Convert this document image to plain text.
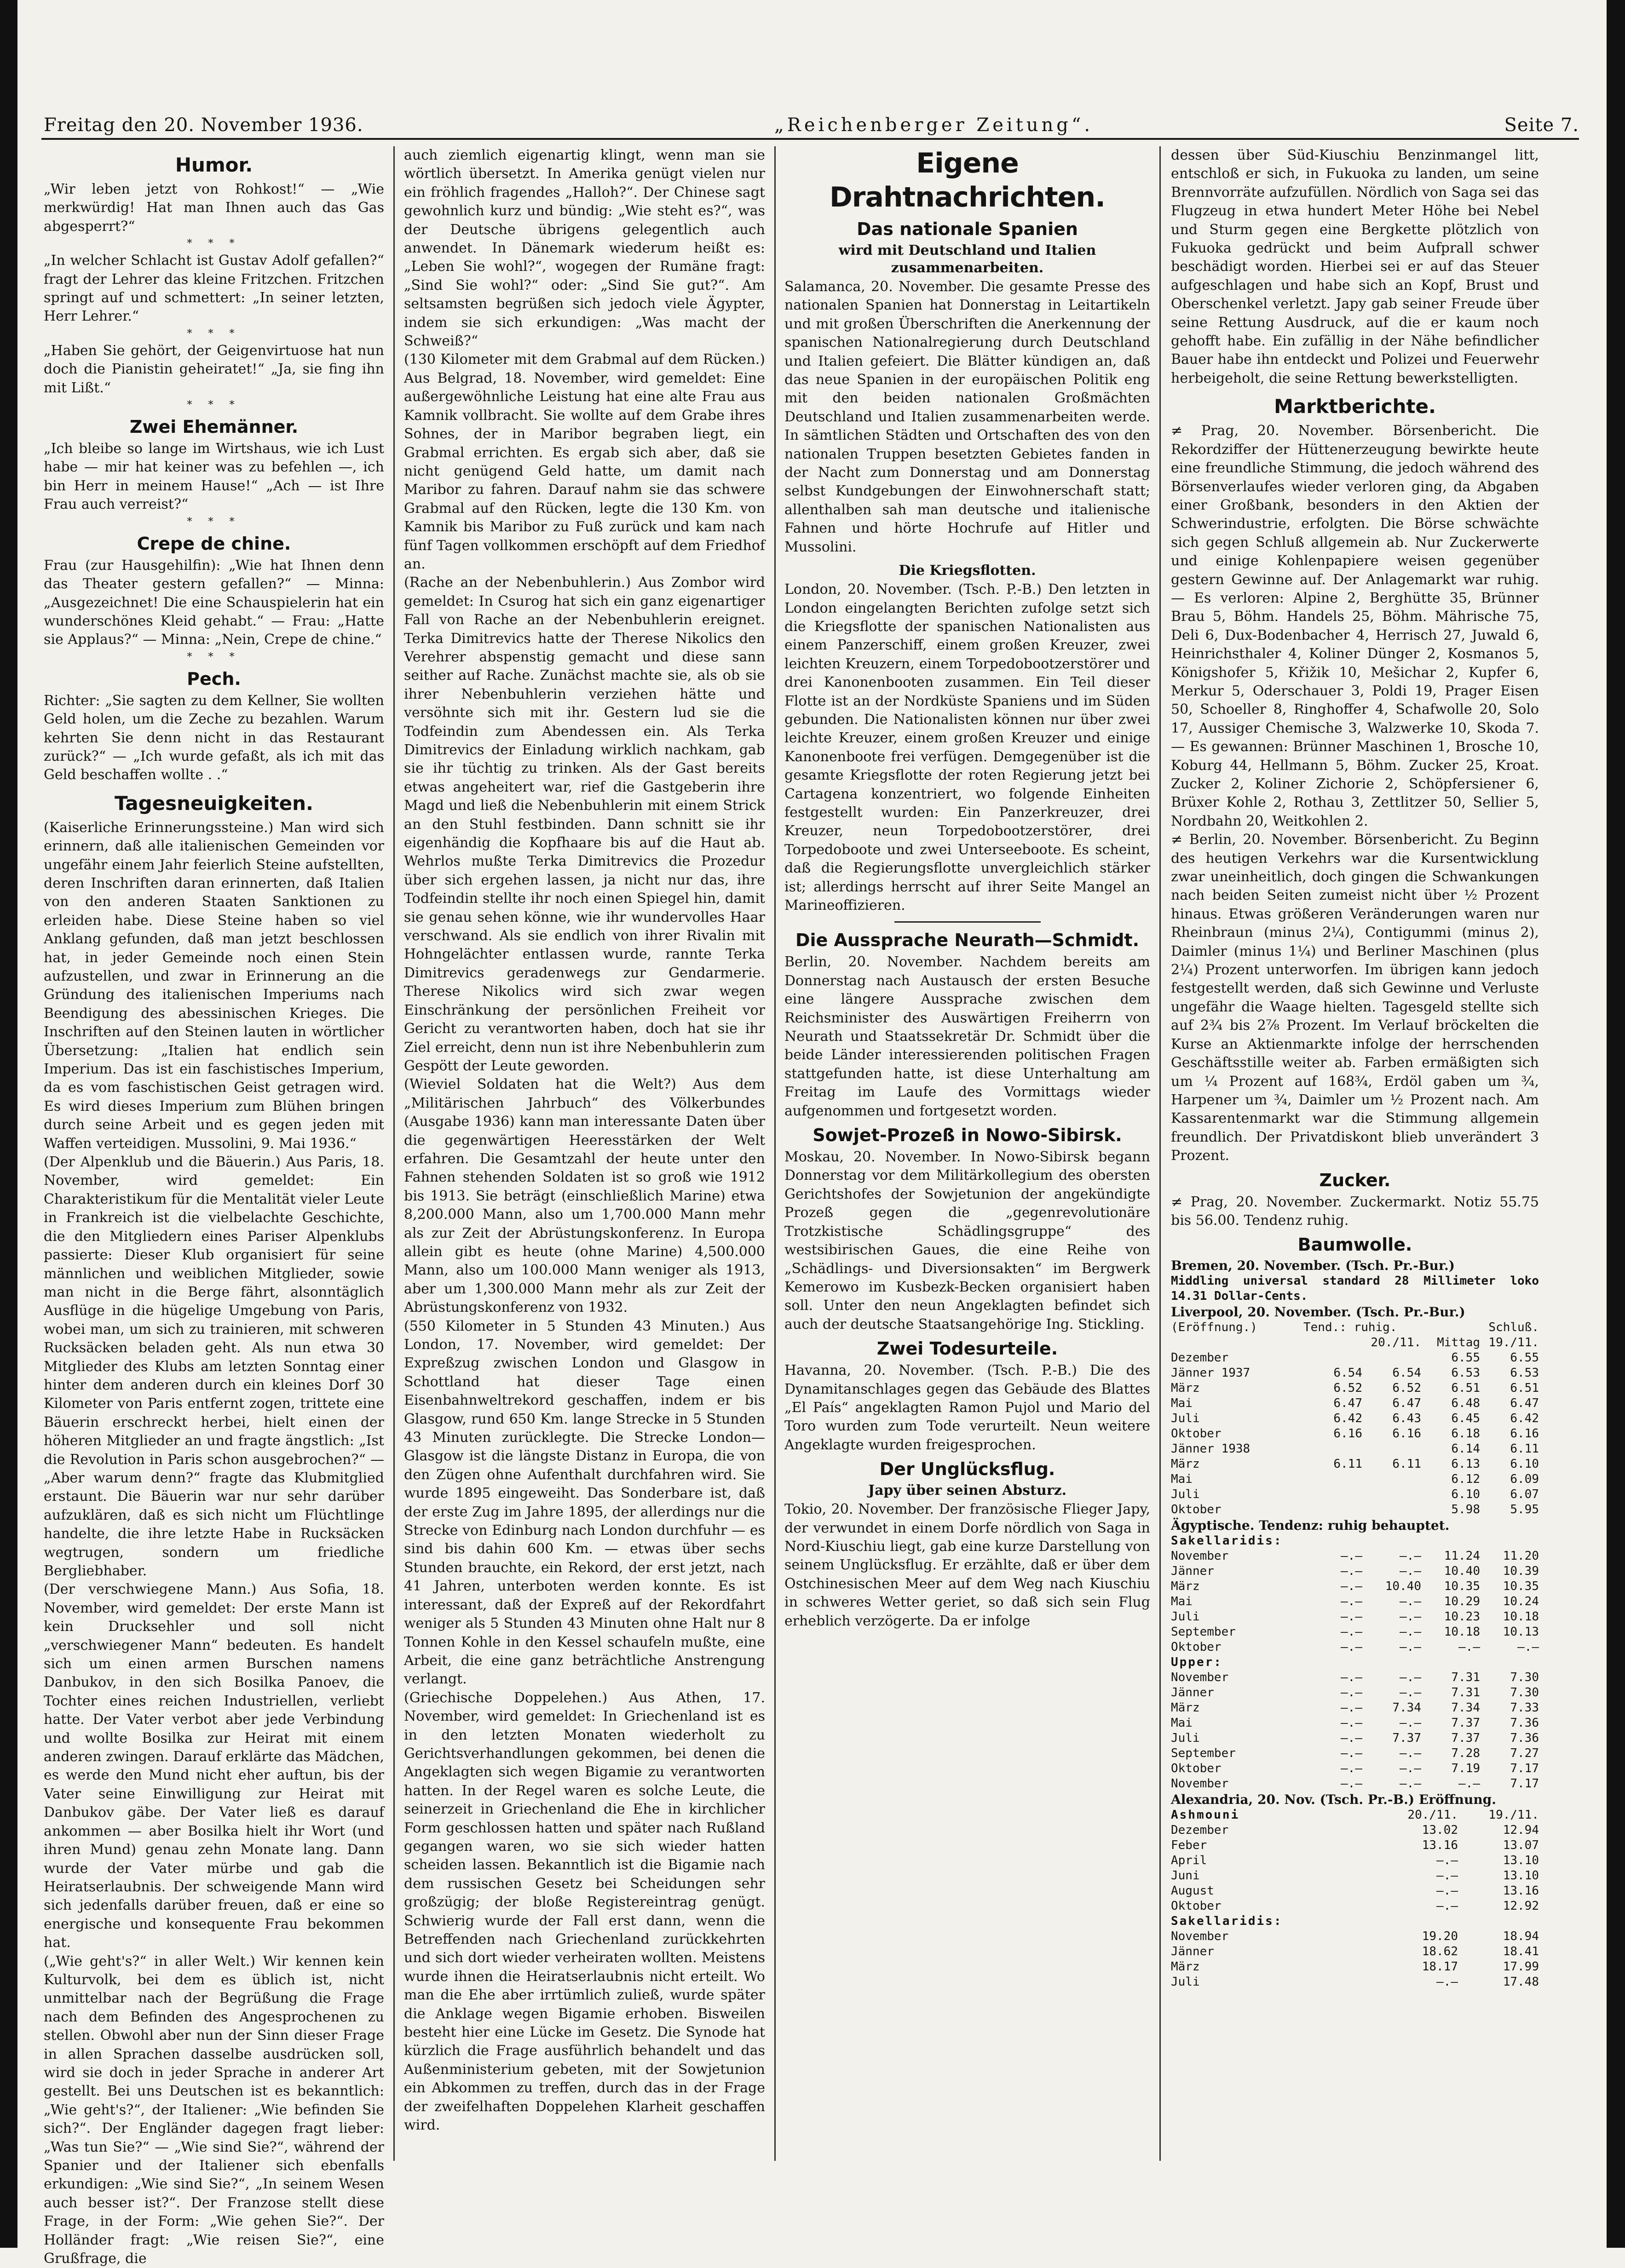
Freitag den 20. November 1936.	„Reichenberger Zeitung“.	Seite 7.
Humor.

„Wir leben jetzt von Rohkost!“ — „Wie merkwürdig! Hat man Ihnen auch das Gas abgesperrt?“

* * *

„In welcher Schlacht ist Gustav Adolf gefallen?“ fragt der Lehrer das kleine Fritzchen. Fritzchen springt auf und schmettert: „In seiner letzten, Herr Lehrer.“

* * *

„Haben Sie gehört, der Geigenvirtuose hat nun doch die Pianistin geheiratet!“ „Ja, sie fing ihn mit Lißt.“

* * *
Zwei Ehemänner.

„Ich bleibe so lange im Wirtshaus, wie ich Lust habe — mir hat keiner was zu befehlen —, ich bin Herr in meinem Hause!“ „Ach — ist Ihre Frau auch verreist?“

* * *
Crepe de chine.

Frau (zur Hausgehilfin): „Wie hat Ihnen denn das Theater gestern gefallen?“ — Minna: „Ausgezeichnet! Die eine Schauspielerin hat ein wunderschönes Kleid gehabt.“ — Frau: „Hatte sie Applaus?“ — Minna: „Nein, Crepe de chine.“

* * *
Pech.

Richter: „Sie sagten zu dem Kellner, Sie wollten Geld holen, um die Zeche zu bezahlen. Warum kehrten Sie denn nicht in das Restaurant zurück?“ — „Ich wurde gefaßt, als ich mit das Geld beschaffen wollte . .“

Tagesneuigkeiten.

(Kaiserliche Erinnerungssteine.) Man wird sich erinnern, daß alle italienischen Gemeinden vor ungefähr einem Jahr feierlich Steine aufstellten, deren Inschriften daran erinnerten, daß Italien von den anderen Staaten Sanktionen zu erleiden habe. Diese Steine haben so viel Anklang gefunden, daß man jetzt beschlossen hat, in jeder Gemeinde noch einen Stein aufzustellen, und zwar in Erinnerung an die Gründung des italienischen Imperiums nach Beendigung des abessinischen Krieges. Die Inschriften auf den Steinen lauten in wörtlicher Übersetzung: „Italien hat endlich sein Imperium. Das ist ein faschistisches Imperium, da es vom faschistischen Geist getragen wird. Es wird dieses Imperium zum Blühen bringen durch seine Arbeit und es gegen jeden mit Waffen verteidigen. Mussolini, 9. Mai 1936.“

(Der Alpenklub und die Bäuerin.) Aus Paris, 18. November, wird gemeldet: Ein Charakteristikum für die Mentalität vieler Leute in Frankreich ist die vielbelachte Geschichte, die den Mitgliedern eines Pariser Alpenklubs passierte: Dieser Klub organisiert für seine männlichen und weiblichen Mitglieder, sowie man nicht in die Berge fährt, alsonntäglich Ausflüge in die hügelige Umgebung von Paris, wobei man, um sich zu trainieren, mit schweren Rucksäcken beladen geht. Als nun etwa 30 Mitglieder des Klubs am letzten Sonntag einer hinter dem anderen durch ein kleines Dorf 30 Kilometer von Paris entfernt zogen, trittete eine Bäuerin erschreckt herbei, hielt einen der höheren Mitglieder an und fragte ängstlich: „Ist die Revolution in Paris schon ausgebrochen?“ — „Aber warum denn?“ fragte das Klubmitglied erstaunt. Die Bäuerin war nur sehr darüber aufzuklären, daß es sich nicht um Flüchtlinge handelte, die ihre letzte Habe in Rucksäcken wegtrugen, sondern um friedliche Bergliebhaber.

(Der verschwiegene Mann.) Aus Sofia, 18. November, wird gemeldet: Der erste Mann ist kein Drucksehler und soll nicht „verschwiegener Mann“ bedeuten. Es handelt sich um einen armen Burschen namens Danbukov, in den sich Bosilka Panoev, die Tochter eines reichen Industriellen, verliebt hatte. Der Vater verbot aber jede Verbindung und wollte Bosilka zur Heirat mit einem anderen zwingen. Darauf erklärte das Mädchen, es werde den Mund nicht eher auftun, bis der Vater seine Einwilligung zur Heirat mit Danbukov gäbe. Der Vater ließ es darauf ankommen — aber Bosilka hielt ihr Wort (und ihren Mund) genau zehn Monate lang. Dann wurde der Vater mürbe und gab die Heiratserlaubnis. Der schweigende Mann wird sich jedenfalls darüber freuen, daß er eine so energische und konsequente Frau bekommen hat.

(„Wie geht's?“ in aller Welt.) Wir kennen kein Kulturvolk, bei dem es üblich ist, nicht unmittelbar nach der Begrüßung die Frage nach dem Befinden des Angesprochenen zu stellen. Obwohl aber nun der Sinn dieser Frage in allen Sprachen dasselbe ausdrücken soll, wird sie doch in jeder Sprache in anderer Art gestellt. Bei uns Deutschen ist es bekanntlich: „Wie geht's?“, der Italiener: „Wie befinden Sie sich?“. Der Engländer dagegen fragt lieber: „Was tun Sie?“ — „Wie sind Sie?“, während der Spanier und der Italiener sich ebenfalls erkundigen: „Wie sind Sie?“, „In seinem Wesen auch besser ist?“. Der Franzose stellt diese Frage, in der Form: „Wie gehen Sie?“. Der Holländer fragt: „Wie reisen Sie?“, eine Grußfrage, die

auch ziemlich eigenartig klingt, wenn man sie wörtlich übersetzt. In Amerika genügt vielen nur ein fröhlich fragendes „Halloh?“. Der Chinese sagt gewohnlich kurz und bündig: „Wie steht es?“, was der Deutsche übrigens gelegentlich auch anwendet. In Dänemark wiederum heißt es: „Leben Sie wohl?“, wogegen der Rumäne fragt: „Sind Sie wohl?“ oder: „Sind Sie gut?“. Am seltsamsten begrüßen sich jedoch viele Ägypter, indem sie sich erkundigen: „Was macht der Schweiß?“

(130 Kilometer mit dem Grabmal auf dem Rücken.) Aus Belgrad, 18. November, wird gemeldet: Eine außergewöhnliche Leistung hat eine alte Frau aus Kamnik vollbracht. Sie wollte auf dem Grabe ihres Sohnes, der in Maribor begraben liegt, ein Grabmal errichten. Es ergab sich aber, daß sie nicht genügend Geld hatte, um damit nach Maribor zu fahren. Darauf nahm sie das schwere Grabmal auf den Rücken, legte die 130 Km. von Kamnik bis Maribor zu Fuß zurück und kam nach fünf Tagen vollkommen erschöpft auf dem Friedhof an.

(Rache an der Nebenbuhlerin.) Aus Zombor wird gemeldet: In Csurog hat sich ein ganz eigenartiger Fall von Rache an der Nebenbuhlerin ereignet. Terka Dimitrevics hatte der Therese Nikolics den Verehrer abspenstig gemacht und diese sann seither auf Rache. Zunächst machte sie, als ob sie ihrer Nebenbuhlerin verziehen hätte und versöhnte sich mit ihr. Gestern lud sie die Todfeindin zum Abendessen ein. Als Terka Dimitrevics der Einladung wirklich nachkam, gab sie ihr tüchtig zu trinken. Als der Gast bereits etwas angeheitert war, rief die Gastgeberin ihre Magd und ließ die Nebenbuhlerin mit einem Strick an den Stuhl festbinden. Dann schnitt sie ihr eigenhändig die Kopfhaare bis auf die Haut ab. Wehrlos mußte Terka Dimitrevics die Prozedur über sich ergehen lassen, ja nicht nur das, ihre Todfeindin stellte ihr noch einen Spiegel hin, damit sie genau sehen könne, wie ihr wundervolles Haar verschwand. Als sie endlich von ihrer Rivalin mit Hohngelächter entlassen wurde, rannte Terka Dimitrevics geradenwegs zur Gendarmerie. Therese Nikolics wird sich zwar wegen Einschränkung der persönlichen Freiheit vor Gericht zu verantworten haben, doch hat sie ihr Ziel erreicht, denn nun ist ihre Nebenbuhlerin zum Gespött der Leute geworden.

(Wieviel Soldaten hat die Welt?) Aus dem „Militärischen Jahrbuch“ des Völkerbundes (Ausgabe 1936) kann man interessante Daten über die gegenwärtigen Heeresstärken der Welt erfahren. Die Gesamtzahl der heute unter den Fahnen stehenden Soldaten ist so groß wie 1912 bis 1913. Sie beträgt (einschließlich Marine) etwa 8,200.000 Mann, also um 1,700.000 Mann mehr als zur Zeit der Abrüstungskonferenz. In Europa allein gibt es heute (ohne Marine) 4,500.000 Mann, also um 100.000 Mann weniger als 1913, aber um 1,300.000 Mann mehr als zur Zeit der Abrüstungskonferenz von 1932.

(550 Kilometer in 5 Stunden 43 Minuten.) Aus London, 17. November, wird gemeldet: Der Expreßzug zwischen London und Glasgow in Schottland hat dieser Tage einen Eisenbahnweltrekord geschaffen, indem er bis Glasgow, rund 650 Km. lange Strecke in 5 Stunden 43 Minuten zurücklegte. Die Strecke London—Glasgow ist die längste Distanz in Europa, die von den Zügen ohne Aufenthalt durchfahren wird. Sie wurde 1895 eingeweiht. Das Sonderbare ist, daß der erste Zug im Jahre 1895, der allerdings nur die Strecke von Edinburg nach London durchfuhr — es sind bis dahin 600 Km. — etwas über sechs Stunden brauchte, ein Rekord, der erst jetzt, nach 41 Jahren, unterboten werden konnte. Es ist interessant, daß der Expreß auf der Rekordfahrt weniger als 5 Stunden 43 Minuten ohne Halt nur 8 Tonnen Kohle in den Kessel schaufeln mußte, eine Arbeit, die eine ganz beträchtliche Anstrengung verlangt.

(Griechische Doppelehen.) Aus Athen, 17. November, wird gemeldet: In Griechenland ist es in den letzten Monaten wiederholt zu Gerichtsverhandlungen gekommen, bei denen die Angeklagten sich wegen Bigamie zu verantworten hatten. In der Regel waren es solche Leute, die seinerzeit in Griechenland die Ehe in kirchlicher Form geschlossen hatten und später nach Rußland gegangen waren, wo sie sich wieder hatten scheiden lassen. Bekanntlich ist die Bigamie nach dem russischen Gesetz bei Scheidungen sehr großzügig; der bloße Registereintrag genügt. Schwierig wurde der Fall erst dann, wenn die Betreffenden nach Griechenland zurückkehrten und sich dort wieder verheiraten wollten. Meistens wurde ihnen die Heiratserlaubnis nicht erteilt. Wo man die Ehe aber irrtümlich zuließ, wurde später die Anklage wegen Bigamie erhoben. Bisweilen besteht hier eine Lücke im Gesetz. Die Synode hat kürzlich die Frage ausführlich behandelt und das Außenministerium gebeten, mit der Sowjetunion ein Abkommen zu treffen, durch das in der Frage der zweifelhaften Doppelehen Klarheit geschaffen wird.

Eigene Drahtnachrichten.
Das nationale Spanien
wird mit Deutschland und Italien zusammenarbeiten.

Salamanca, 20. November. Die gesamte Presse des nationalen Spanien hat Donnerstag in Leitartikeln und mit großen Überschriften die Anerkennung der spanischen Nationalregierung durch Deutschland und Italien gefeiert. Die Blätter kündigen an, daß das neue Spanien in der europäischen Politik eng mit den beiden nationalen Großmächten Deutschland und Italien zusammenarbeiten werde. In sämtlichen Städten und Ortschaften des von den nationalen Truppen besetzten Gebietes fanden in der Nacht zum Donnerstag und am Donnerstag selbst Kundgebungen der Einwohnerschaft statt; allenthalben sah man deutsche und italienische Fahnen und hörte Hochrufe auf Hitler und Mussolini.

Die Kriegsflotten.

London, 20. November. (Tsch. P.-B.) Den letzten in London eingelangten Berichten zufolge setzt sich die Kriegsflotte der spanischen Nationalisten aus einem Panzerschiff, einem großen Kreuzer, zwei leichten Kreuzern, einem Torpedobootzerstörer und drei Kanonenbooten zusammen. Ein Teil dieser Flotte ist an der Nordküste Spaniens und im Süden gebunden. Die Nationalisten können nur über zwei leichte Kreuzer, einem großen Kreuzer und einige Kanonenboote frei verfügen. Demgegenüber ist die gesamte Kriegsflotte der roten Regierung jetzt bei Cartagena konzentriert, wo folgende Einheiten festgestellt wurden: Ein Panzerkreuzer, drei Kreuzer, neun Torpedobootzerstörer, drei Torpedoboote und zwei Unterseeboote. Es scheint, daß die Regierungsflotte unvergleichlich stärker ist; allerdings herrscht auf ihrer Seite Mangel an Marineoffizieren.

Die Aussprache Neurath—Schmidt.

Berlin, 20. November. Nachdem bereits am Donnerstag nach Austausch der ersten Besuche eine längere Aussprache zwischen dem Reichsminister des Auswärtigen Freiherrn von Neurath und Staatssekretär Dr. Schmidt über die beide Länder interessierenden politischen Fragen stattgefunden hatte, ist diese Unterhaltung am Freitag im Laufe des Vormittags wieder aufgenommen und fortgesetzt worden.

Sowjet-Prozeß in Nowo-Sibirsk.

Moskau, 20. November. In Nowo-Sibirsk begann Donnerstag vor dem Militärkollegium des obersten Gerichtshofes der Sowjetunion der angekündigte Prozeß gegen die „gegenrevolutionäre Trotzkistische Schädlingsgruppe“ des westsibirischen Gaues, die eine Reihe von „Schädlings- und Diversionsakten“ im Bergwerk Kemerowo im Kusbezk-Becken organisiert haben soll. Unter den neun Angeklagten befindet sich auch der deutsche Staatsangehörige Ing. Stickling.

Zwei Todesurteile.

Havanna, 20. November. (Tsch. P.-B.) Die des Dynamitanschlages gegen das Gebäude des Blattes „El País“ angeklagten Ramon Pujol und Mario del Toro wurden zum Tode verurteilt. Neun weitere Angeklagte wurden freigesprochen.

Der Unglücksflug.
Japy über seinen Absturz.

Tokio, 20. November. Der französische Flieger Japy, der verwundet in einem Dorfe nördlich von Saga in Nord-Kiuschiu liegt, gab eine kurze Darstellung von seinem Unglücksflug. Er erzählte, daß er über dem Ostchinesischen Meer auf dem Weg nach Kiuschiu in schweres Wetter geriet, so daß sich sein Flug erheblich verzögerte. Da er infolge

dessen über Süd-Kiuschiu Benzinmangel litt, entschloß er sich, in Fukuoka zu landen, um seine Brennvorräte aufzufüllen. Nördlich von Saga sei das Flugzeug in etwa hundert Meter Höhe bei Nebel und Sturm gegen eine Bergkette plötzlich von Fukuoka gedrückt und beim Aufprall schwer beschädigt worden. Hierbei sei er auf das Steuer aufgeschlagen und habe sich an Kopf, Brust und Oberschenkel verletzt. Japy gab seiner Freude über seine Rettung Ausdruck, auf die er kaum noch gehofft habe. Ein zufällig in der Nähe befindlicher Bauer habe ihn entdeckt und Polizei und Feuerwehr herbeigeholt, die seine Rettung bewerkstelligten.

Marktberichte.

≠ Prag, 20. November. Börsenbericht. Die Rekordziffer der Hüttenerzeugung bewirkte heute eine freundliche Stimmung, die jedoch während des Börsenverlaufes wieder verloren ging, da Abgaben einer Großbank, besonders in den Aktien der Schwerindustrie, erfolgten. Die Börse schwächte sich gegen Schluß allgemein ab. Nur Zuckerwerte und einige Kohlenpapiere weisen gegenüber gestern Gewinne auf. Der Anlagemarkt war ruhig. — Es verloren: Alpine 2, Berghütte 35, Brünner Brau 5, Böhm. Handels 25, Böhm. Mährische 75, Deli 6, Dux-Bodenbacher 4, Herrisch 27, Juwald 6, Heinrichsthaler 4, Koliner Dünger 2, Kosmanos 5, Königshofer 5, Křižik 10, Mešichar 2, Kupfer 6, Merkur 5, Oderschauer 3, Poldi 19, Prager Eisen 50, Schoeller 8, Ringhoffer 4, Schafwolle 20, Solo 17, Aussiger Chemische 3, Walzwerke 10, Skoda 7. — Es gewannen: Brünner Maschinen 1, Brosche 10, Koburg 44, Hellmann 5, Böhm. Zucker 25, Kroat. Zucker 2, Koliner Zichorie 2, Schöpfersiener 6, Brüxer Kohle 2, Rothau 3, Zettlitzer 50, Sellier 5, Nordbahn 20, Weitkohlen 2.

≠ Berlin, 20. November. Börsenbericht. Zu Beginn des heutigen Verkehrs war die Kursentwicklung zwar uneinheitlich, doch gingen die Schwankungen nach beiden Seiten zumeist nicht über ½ Prozent hinaus. Etwas größeren Veränderungen waren nur Rheinbraun (minus 2¼), Contigummi (minus 2), Daimler (minus 1¼) und Berliner Maschinen (plus 2¼) Prozent unterworfen. Im übrigen kann jedoch festgestellt werden, daß sich Gewinne und Verluste ungefähr die Waage hielten. Tagesgeld stellte sich auf 2¾ bis 2⅞ Prozent. Im Verlauf bröckelten die Kurse an Aktienmarkte infolge der herrschenden Geschäftsstille weiter ab. Farben ermäßigten sich um ¼ Prozent auf 168¾, Erdöl gaben um ¾, Harpener um ¾, Daimler um ½ Prozent nach. Am Kassarentenmarkt war die Stimmung allgemein freundlich. Der Privatdiskont blieb unverändert 3 Prozent.

Zucker.

≠ Prag, 20. November. Zuckermarkt. Notiz 55.75 bis 56.00. Tendenz ruhig.

Baumwolle.
Bremen, 20. November. (Tsch. Pr.-Bur.)
Middling universal standard 28 Millimeter loko 14.31 Dollar-Cents.
Liverpool, 20. November. (Tsch. Pr.-Bur.)
(Eröffnung.)	Tend.: ruhig.			Schluß.
	20./11.		Mittag	19./11.
Dezember			6.55	6.55
Jänner 1937	6.54	6.54	6.53	6.53
März	6.52	6.52	6.51	6.51
Mai	6.47	6.47	6.48	6.47
Juli	6.42	6.43	6.45	6.42
Oktober	6.16	6.16	6.18	6.16
Jänner 1938			6.14	6.11
März	6.11	6.11	6.13	6.10
Mai			6.12	6.09
Juli			6.10	6.07
Oktober			5.98	5.95
Ägyptische. Tendenz: ruhig behauptet.
Sakellaridis:
November	—.—	—.—	11.24	11.20
Jänner	—.—	—.—	10.40	10.39
März	—.—	10.40	10.35	10.35
Mai	—.—	—.—	10.29	10.24
Juli	—.—	—.—	10.23	10.18
September	—.—	—.—	10.18	10.13
Oktober	—.—	—.—	—.—	—.—
Upper:
November	—.—	—.—	7.31	7.30
Jänner	—.—	—.—	7.31	7.30
März	—.—	7.34	7.34	7.33
Mai	—.—	—.—	7.37	7.36
Juli	—.—	7.37	7.37	7.36
September	—.—	—.—	7.28	7.27
Oktober	—.—	—.—	7.19	7.17
November	—.—	—.—	—.—	7.17
Alexandria, 20. Nov. (Tsch. Pr.-B.) Eröffnung.
Ashmouni	20./11.	19./11.
Dezember	13.02	12.94
Feber	13.16	13.07
April	—.—	13.10
Juni	—.—	13.10
August	—.—	13.16
Oktober	—.—	12.92
Sakellaridis:
November	19.20	18.94
Jänner	18.62	18.41
März	18.17	17.99
Juli	—.—	17.48
